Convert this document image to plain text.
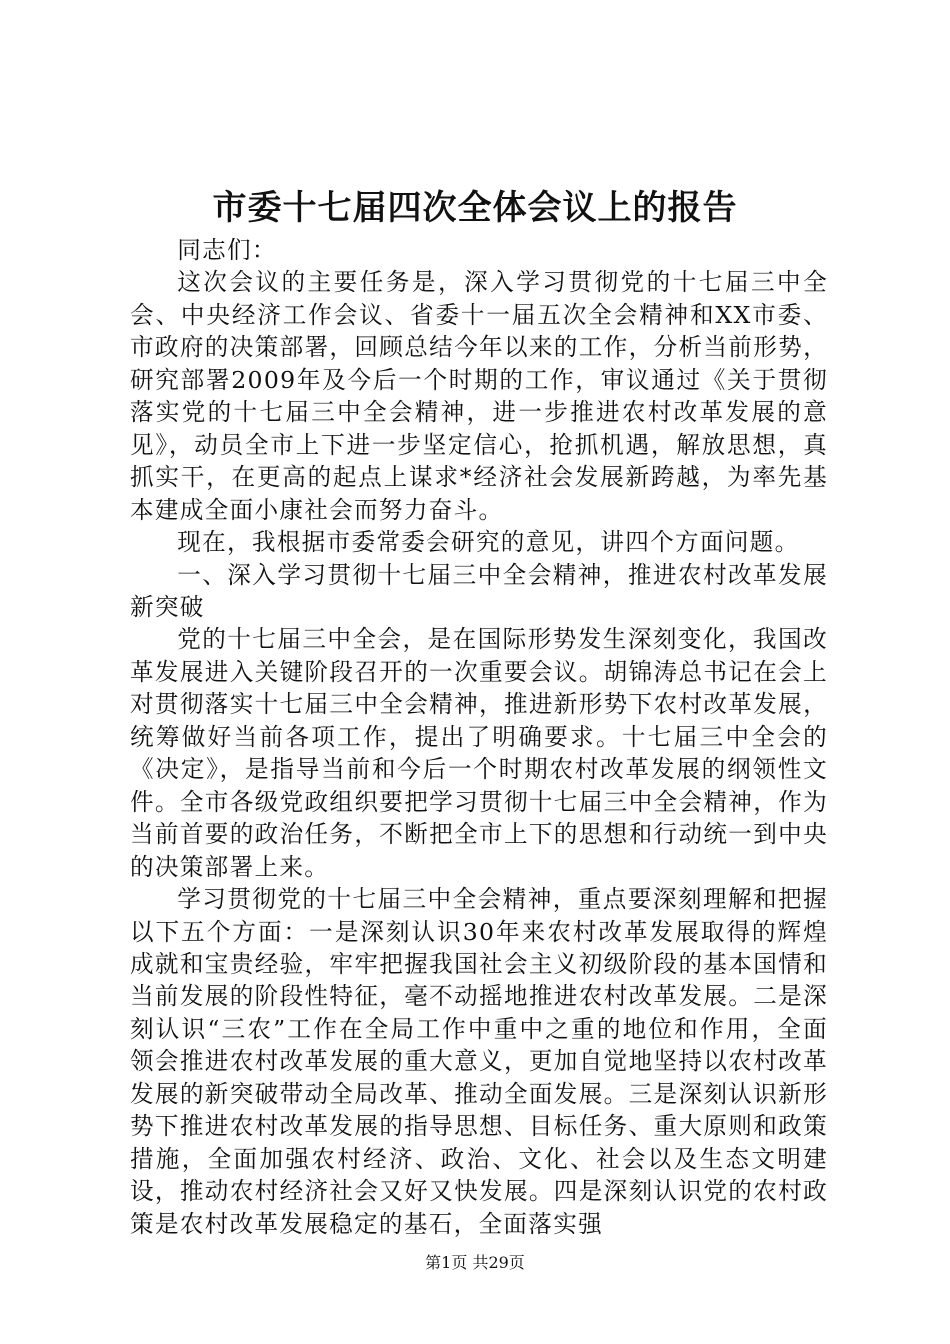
市委十七届四次全体会议上的报告

同志们：

这次会议的主要任务是，深入学习贯彻党的十七届三中全会、中央经济工作会议、省委十一届五次全会精神和XX市委、市政府的决策部署，回顾总结今年以来的工作，分析当前形势，研究部署2009年及今后一个时期的工作，审议通过《关于贯彻落实党的十七届三中全会精神，进一步推进农村改革发展的意见》，动员全市上下进一步坚定信心，抢抓机遇，解放思想，真抓实干，在更高的起点上谋求*经济社会发展新跨越，为率先基本建成全面小康社会而努力奋斗。

现在，我根据市委常委会研究的意见，讲四个方面问题。

一、深入学习贯彻十七届三中全会精神，推进农村改革发展新突破

党的十七届三中全会，是在国际形势发生深刻变化，我国改革发展进入关键阶段召开的一次重要会议。胡锦涛总书记在会上对贯彻落实十七届三中全会精神，推进新形势下农村改革发展，统筹做好当前各项工作，提出了明确要求。十七届三中全会的《决定》，是指导当前和今后一个时期农村改革发展的纲领性文件。全市各级党政组织要把学习贯彻十七届三中全会精神，作为当前首要的政治任务，不断把全市上下的思想和行动统一到中央的决策部署上来。

学习贯彻党的十七届三中全会精神，重点要深刻理解和把握以下五个方面：一是深刻认识30年来农村改革发展取得的辉煌成就和宝贵经验，牢牢把握我国社会主义初级阶段的基本国情和当前发展的阶段性特征，毫不动摇地推进农村改革发展。二是深刻认识“三农”工作在全局工作中重中之重的地位和作用，全面领会推进农村改革发展的重大意义，更加自觉地坚持以农村改革发展的新突破带动全局改革、推动全面发展。三是深刻认识新形势下推进农村改革发展的指导思想、目标任务、重大原则和政策措施，全面加强农村经济、政治、文化、社会以及生态文明建设，推动农村经济社会又好又快发展。四是深刻认识党的农村政策是农村改革发展稳定的基石，全面落实强

第1页 共29页
